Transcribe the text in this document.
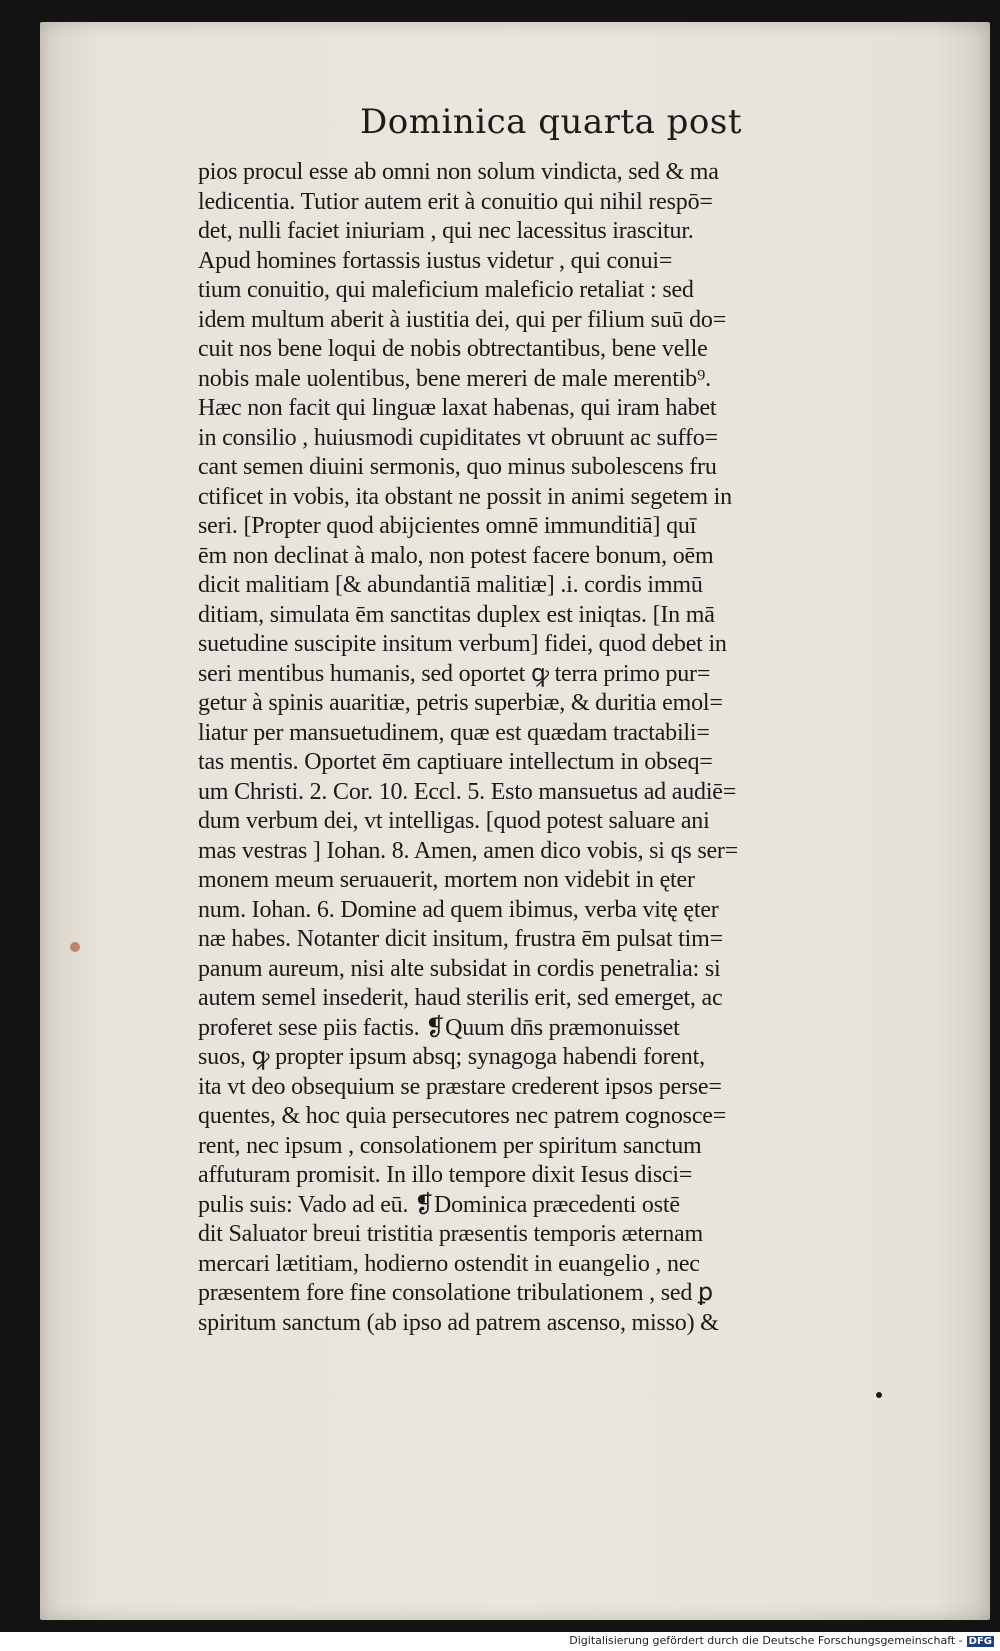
Dominica quarta post
pios procul esse ab omni non solum vindicta, sed & ma
ledicentia. Tutior autem erit à conuitio qui nihil respō=
det, nulli faciet iniuriam , qui nec lacessitus irascitur.
Apud homines fortassis iustus videtur , qui conui=
tium conuitio, qui maleficium maleficio retaliat : sed
idem multum aberit à iustitia dei, qui per filium suū do=
cuit nos bene loqui de nobis obtrectantibus, bene velle
nobis male uolentibus, bene mereri de male merentib⁹.
Hæc non facit qui linguæ laxat habenas, qui iram habet
in consilio , huiusmodi cupiditates vt obruunt ac suffo=
cant semen diuini sermonis, quo minus subolescens fru
ctificet in vobis, ita obstant ne possit in animi segetem in
seri. [Propter quod abijcientes omnē immunditiā] quī
ēm non declinat à malo, non potest facere bonum, oēm
dicit malitiam [& abundantiā malitiæ] .i. cordis immū
ditiam, simulata ēm sanctitas duplex est iniqtas. [In mā
suetudine suscipite insitum verbum] fidei, quod debet in
seri mentibus humanis, sed oportet ꝙ terra primo pur=
getur à spinis auaritiæ, petris superbiæ, & duritia emol=
liatur per mansuetudinem, quæ est quædam tractabili=
tas mentis. Oportet ēm captiuare intellectum in obseq=
um Christi. 2. Cor. 10. Eccl. 5. Esto mansuetus ad audiē=
dum verbum dei, vt intelligas. [quod potest saluare ani
mas vestras ] Iohan. 8. Amen, amen dico vobis, si qs ser=
monem meum seruauerit, mortem non videbit in ęter
num. Iohan. 6. Domine ad quem ibimus, verba vitę ęter
næ habes. Notanter dicit insitum, frustra ēm pulsat tim=
panum aureum, nisi alte subsidat in cordis penetralia: si
autem semel insederit, haud sterilis erit, sed emerget, ac
proferet sese piis factis. ❡Quum dn̄s præmonuisset
suos, ꝙ propter ipsum absq; synagoga habendi forent,
ita vt deo obsequium se præstare crederent ipsos perse=
quentes, & hoc quia persecutores nec patrem cognosce=
rent, nec ipsum , consolationem per spiritum sanctum
affuturam promisit. In illo tempore dixit Iesus disci=
pulis suis: Vado ad eū. ❡Dominica præcedenti ostē
dit Saluator breui tristitia præsentis temporis æternam
mercari lætitiam, hodierno ostendit in euangelio , nec
præsentem fore fine consolatione tribulationem , sed ꝑ
spiritum sanctum (ab ipso ad patrem ascenso, misso) &
Digitalisierung gefördert durch die Deutsche Forschungsgemeinschaft - DFG
